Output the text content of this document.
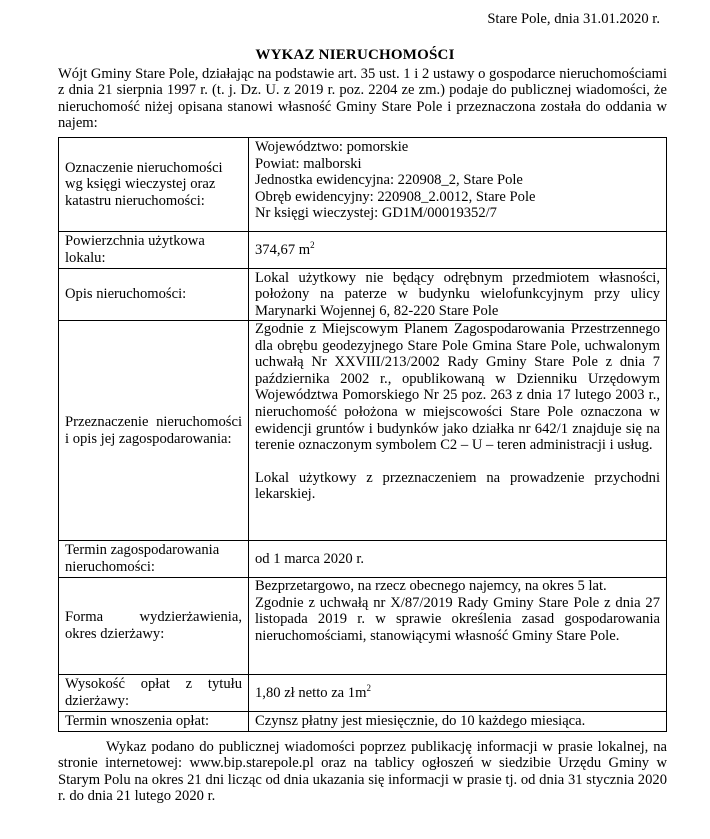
Stare Pole, dnia 31.01.2020 r.
WYKAZ NIERUCHOMOŚCI
Wójt Gminy Stare Pole, działając na podstawie art. 35 ust. 1 i 2 ustawy o gospodarce nieruchomościami z dnia 21 sierpnia 1997 r. (t. j. Dz. U. z 2019 r. poz. 2204 ze zm.) podaje do publicznej wiadomości, że nieruchomość niżej opisana stanowi własność Gminy Stare Pole i przeznaczona została do oddania w najem:
Oznaczenie nieruchomości wg księgi wieczystej oraz katastru nieruchomości:	Województwo: pomorskie
Powiat: malborski
Jednostka ewidencyjna: 220908_2, Stare Pole
Obręb ewidencyjny: 220908_2.0012, Stare Pole
Nr księgi wieczystej: GD1M/00019352/7

Powierzchnia użytkowa lokalu:	374,67 $m^2$
Opis nieruchomości:	Lokal użytkowy nie będący odrębnym przedmiotem własności, położony na paterze w budynku wielofunkcyjnym przy ulicy Marynarki Wojennej 6, 82-220 Stare Pole
Przeznaczenie nieruchomości i opis jej zagospodarowania:	Zgodnie z Miejscowym Planem Zagospodarowania Przestrzennego dla obrębu geodezyjnego Stare Pole Gmina Stare Pole, uchwalonym uchwałą Nr XXVIII/213/2002 Rady Gminy Stare Pole z dnia 7 października 2002 r., opublikowaną w Dzienniku Urzędowym Województwa Pomorskiego Nr 25 poz. 263 z dnia 17 lutego 2003 r., nieruchomość położona w miejscowości Stare Pole oznaczona w ewidencji gruntów i budynków jako działka nr 642/1 znajduje się na terenie oznaczonym symbolem C2 – U – teren administracji i usług.
Lokal użytkowy z przeznaczeniem na prowadzenie przychodni lekarskiej.

Termin zagospodarowania nieruchomości:	od 1 marca 2020 r.
Forma wydzierżawienia, okres dzierżawy:	Bezprzetargowo, na rzecz obecnego najemcy, na okres 5 lat.
Zgodnie z uchwałą nr X/87/2019 Rady Gminy Stare Pole z dnia 27 listopada 2019 r. w sprawie określenia zasad gospodarowania nieruchomościami, stanowiącymi własność Gminy Stare Pole.

Wysokość opłat z tytułu dzierżawy:	1,80 zł netto za $1m^2$
Termin wnoszenia opłat:	Czynsz płatny jest miesięcznie, do 10 każdego miesiąca.
Wykaz podano do publicznej wiadomości poprzez publikację informacji w prasie lokalnej, na stronie internetowej: www.bip.starepole.pl oraz na tablicy ogłoszeń w siedzibie Urzędu Gminy w Starym Polu na okres 21 dni licząc od dnia ukazania się informacji w prasie tj. od dnia 31 stycznia 2020 r. do dnia 21 lutego 2020 r.
